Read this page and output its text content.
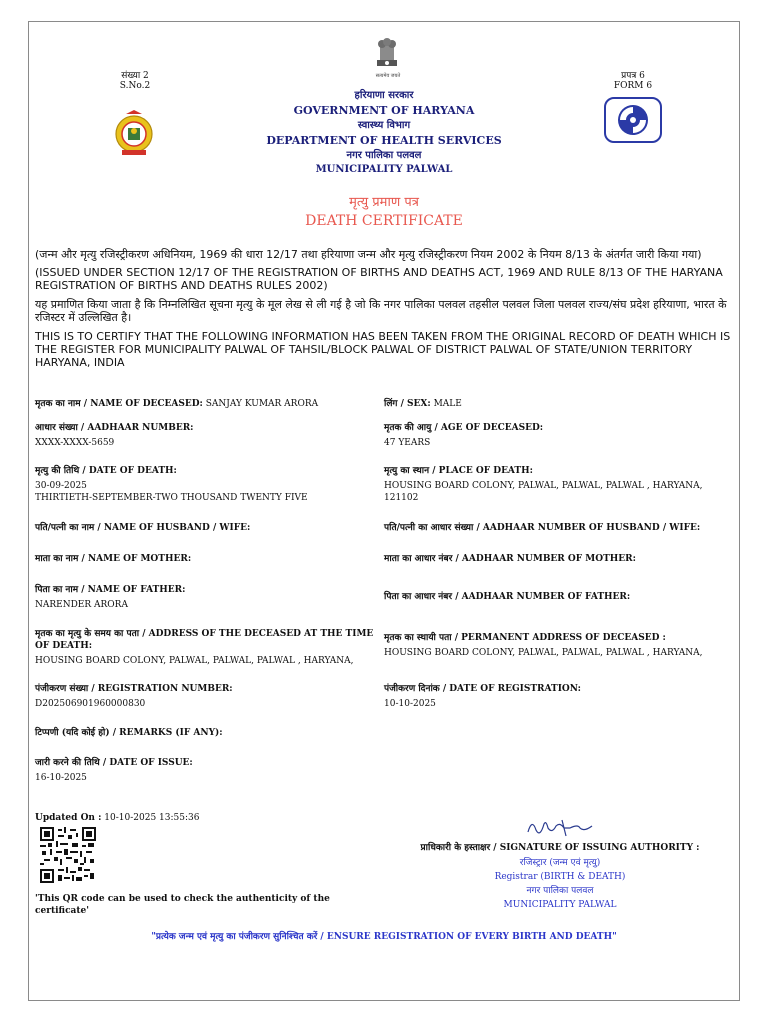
संख्या 2
S.No.2
प्रपत्र 6
FORM 6
सत्यमेव जयते
हरियाणा सरकार
GOVERNMENT OF HARYANA
स्वास्थ्य विभाग
DEPARTMENT OF HEALTH SERVICES
नगर पालिका पलवल
MUNICIPALITY PALWAL
मृत्यु प्रमाण पत्र
DEATH CERTIFICATE
(जन्म और मृत्यु रजिस्ट्रीकरण अधिनियम, 1969 की धारा 12/17 तथा हरियाणा जन्म और मृत्यु रजिस्ट्रीकरण नियम 2002 के नियम 8/13 के अंतर्गत जारी किया गया)
(ISSUED UNDER SECTION 12/17 OF THE REGISTRATION OF BIRTHS AND DEATHS ACT, 1969 AND RULE 8/13 OF THE HARYANA REGISTRATION OF BIRTHS AND DEATHS RULES 2002)
यह प्रमाणित किया जाता है कि निम्नलिखित सूचना मृत्यु के मूल लेख से ली गई है जो कि नगर पालिका पलवल तहसील पलवल जिला पलवल राज्य/संघ प्रदेश हरियाणा, भारत के रजिस्टर में उल्लिखित है।
THIS IS TO CERTIFY THAT THE FOLLOWING INFORMATION HAS BEEN TAKEN FROM THE ORIGINAL RECORD OF DEATH WHICH IS THE REGISTER FOR MUNICIPALITY PALWAL OF TAHSIL/BLOCK PALWAL OF DISTRICT PALWAL OF STATE/UNION TERRITORY HARYANA, INDIA
मृतक का नाम / NAME OF DECEASED: SANJAY KUMAR ARORA	लिंग / SEX: MALE
आधार संख्या / AADHAAR NUMBER:
XXXX-XXXX-5659
मृतक की आयु / AGE OF DECEASED:
47 YEARS
मृत्यु की तिथि / DATE OF DEATH:
30-09-2025
THIRTIETH-SEPTEMBER-TWO THOUSAND TWENTY FIVE
मृत्यु का स्थान / PLACE OF DEATH:
HOUSING BOARD COLONY, PALWAL, PALWAL, PALWAL , HARYANA, 121102
पति/पत्नी का नाम / NAME OF HUSBAND / WIFE:	पति/पत्नी का आधार संख्या / AADHAAR NUMBER OF HUSBAND / WIFE:
माता का नाम / NAME OF MOTHER:	माता का आधार नंबर / AADHAAR NUMBER OF MOTHER:
पिता का नाम / NAME OF FATHER:
NARENDER ARORA
पिता का आधार नंबर / AADHAAR NUMBER OF FATHER:
मृतक का मृत्यु के समय का पता / ADDRESS OF THE DECEASED AT THE TIME OF DEATH:
HOUSING BOARD COLONY, PALWAL, PALWAL, PALWAL , HARYANA,
मृतक का स्थायी पता / PERMANENT ADDRESS OF DECEASED :
HOUSING BOARD COLONY, PALWAL, PALWAL, PALWAL , HARYANA,
पंजीकरण संख्या / REGISTRATION NUMBER:
D202506901960000830
पंजीकरण दिनांक / DATE OF REGISTRATION:
10-10-2025
टिप्पणी (यदि कोई हो) / REMARKS (IF ANY):
जारी करने की तिथि / DATE OF ISSUE:
16-10-2025
Updated On : 10-10-2025 13:55:36
'This QR code can be used to check the authenticity of the certificate'
प्राधिकारी के हस्ताक्षर / SIGNATURE OF ISSUING AUTHORITY :
रजिस्ट्रार (जन्म एवं मृत्यु)
Registrar (BIRTH & DEATH)
नगर पालिका पलवल
MUNICIPALITY PALWAL
"प्रत्येक जन्म एवं मृत्यु का पंजीकरण सुनिश्चित करें / ENSURE REGISTRATION OF EVERY BIRTH AND DEATH"
